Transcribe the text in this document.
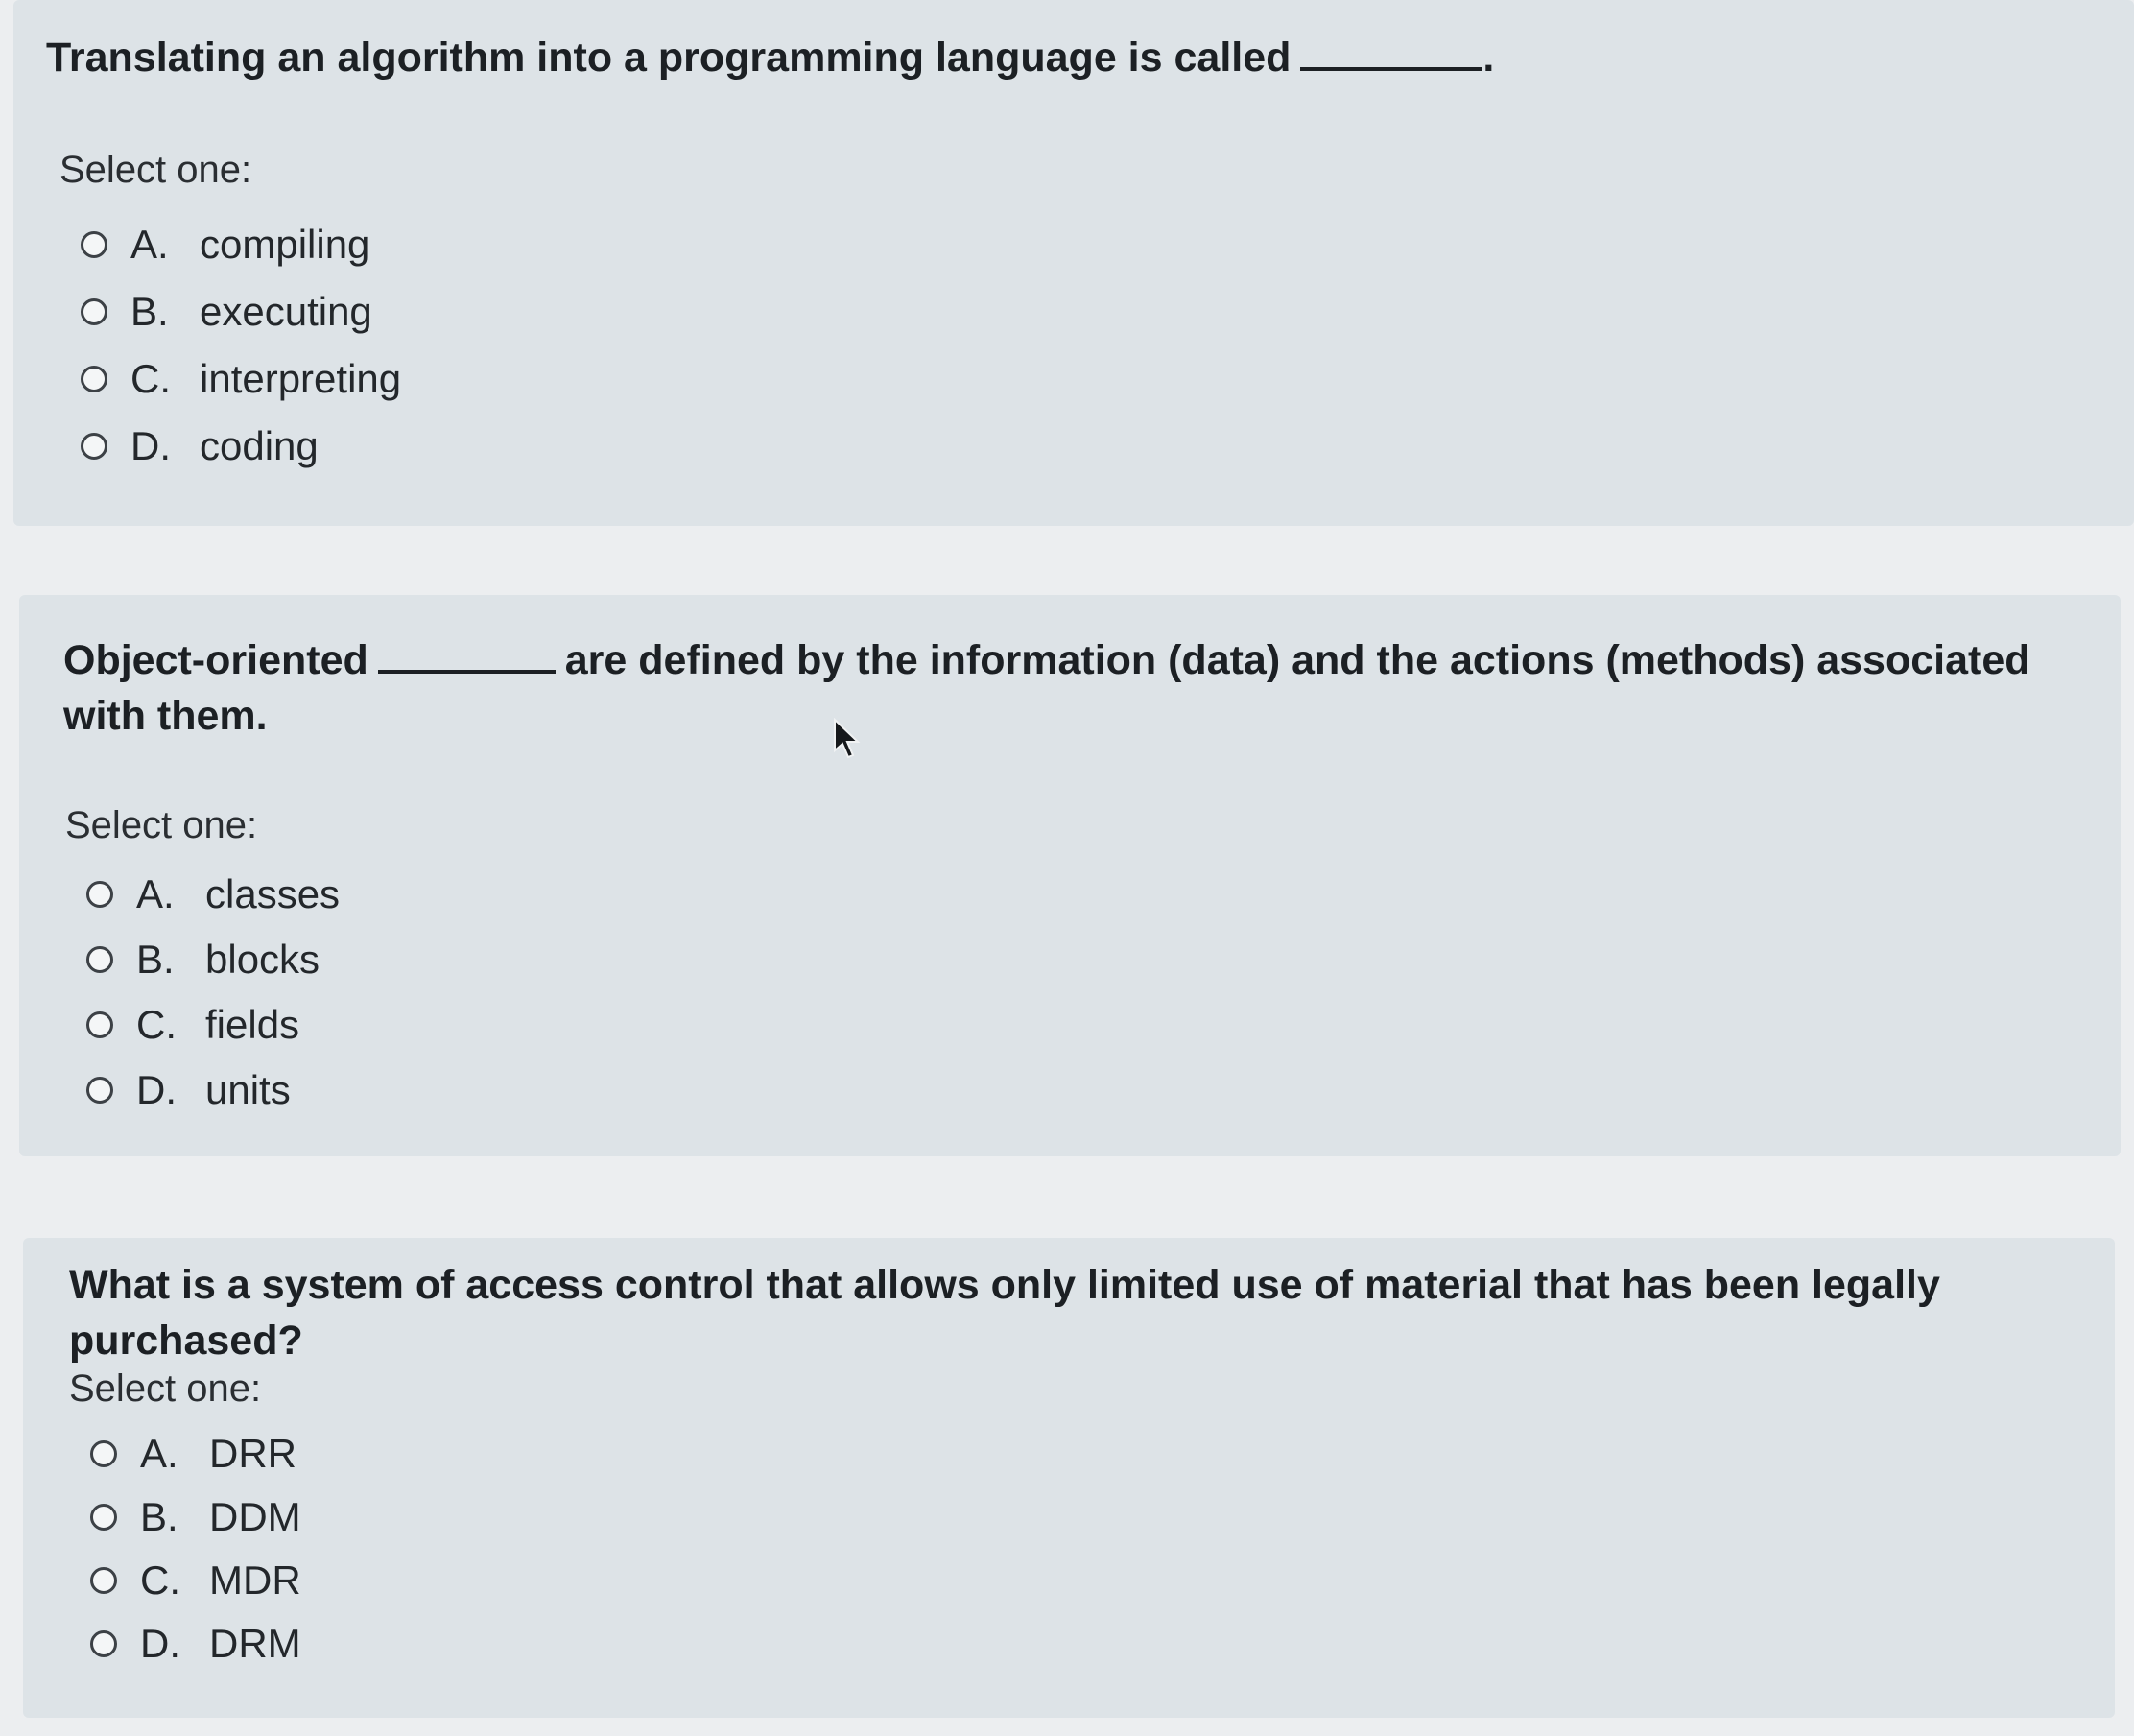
Translating an algorithm into a programming language is called	.
Select one:
A. compiling
B. executing
C. interpreting
D. coding
Object-oriented	are defined by the information (data) and the actions (methods) associated with them.
Select one:
A. classes
B. blocks
C. fields
D. units
What is a system of access control that allows only limited use of material that has been legally purchased?
Select one:
A. DRR
B. DDM
C. MDR
D. DRM
